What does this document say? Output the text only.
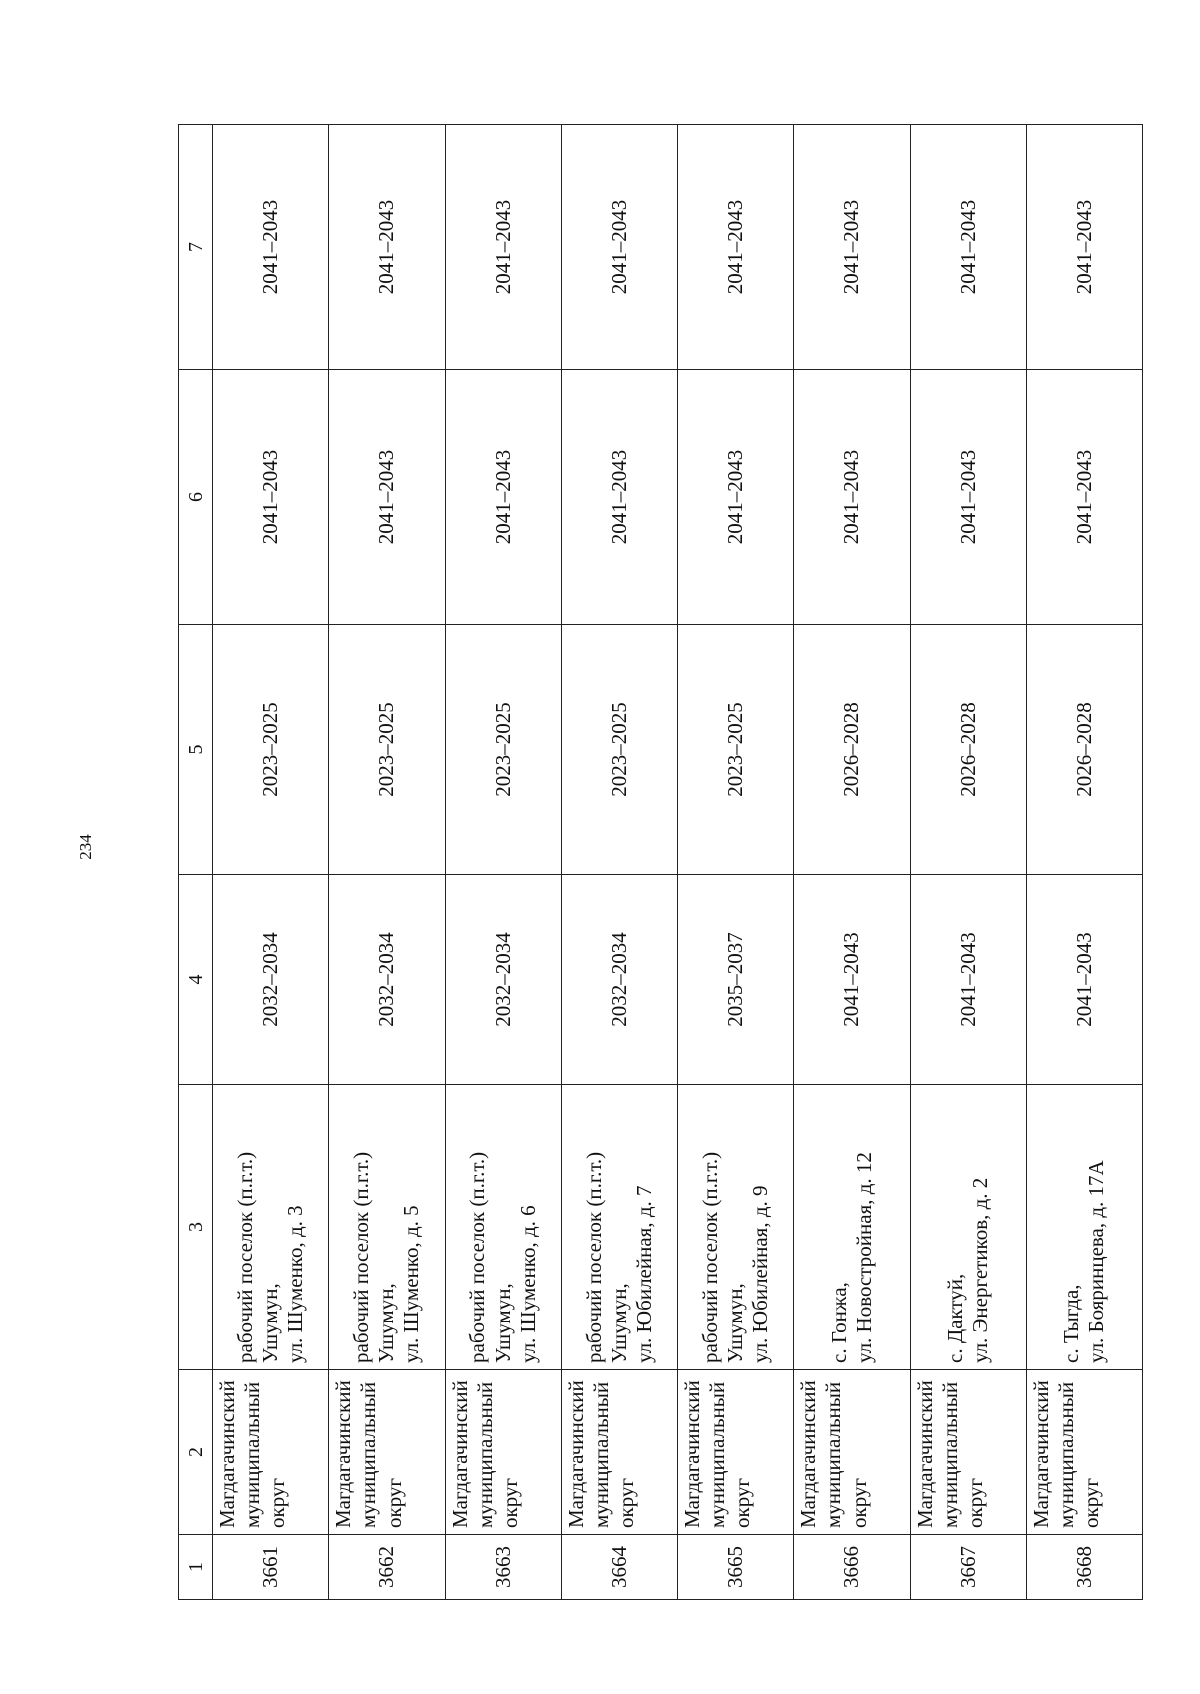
234
1	2	3	4	5	6	7
3661	Магдагачинский муниципальный округ	рабочий поселок (п.г.т.) Ушумун, ул. Шуменко, д. 3	2032–2034	2023–2025	2041–2043	2041–2043
3662	Магдагачинский муниципальный округ	рабочий поселок (п.г.т.) Ушумун, ул. Шуменко, д. 5	2032–2034	2023–2025	2041–2043	2041–2043
3663	Магдагачинский муниципальный округ	рабочий поселок (п.г.т.) Ушумун, ул. Шуменко, д. 6	2032–2034	2023–2025	2041–2043	2041–2043
3664	Магдагачинский муниципальный округ	рабочий поселок (п.г.т.) Ушумун, ул. Юбилейная, д. 7	2032–2034	2023–2025	2041–2043	2041–2043
3665	Магдагачинский муниципальный округ	рабочий поселок (п.г.т.) Ушумун, ул. Юбилейная, д. 9	2035–2037	2023–2025	2041–2043	2041–2043
3666	Магдагачинский муниципальный округ	с. Гонжа, ул. Новостройная, д. 12	2041–2043	2026–2028	2041–2043	2041–2043
3667	Магдагачинский муниципальный округ	с. Дактуй, ул. Энергетиков, д. 2	2041–2043	2026–2028	2041–2043	2041–2043
3668	Магдагачинский муниципальный округ	с. Тыгда, ул. Бояринцева, д. 17А	2041–2043	2026–2028	2041–2043	2041–2043
